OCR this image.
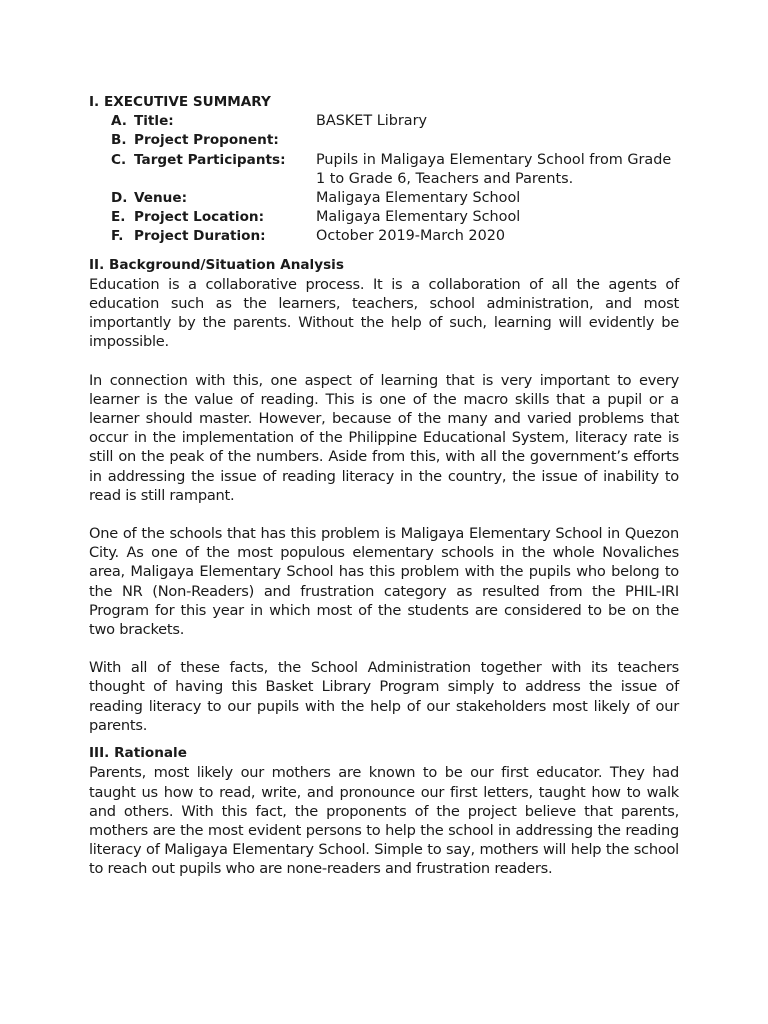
I. EXECUTIVE SUMMARY

A. Title:	BASKET Library
B. Project Proponent:
C. Target Participants:	Pupils in Maligaya Elementary School from Grade 1 to Grade 6, Teachers and Parents.
D. Venue:	Maligaya Elementary School
E. Project Location:	Maligaya Elementary School
F. Project Duration:	October 2019-March 2020

II. Background/Situation Analysis

Education is a collaborative process. It is a collaboration of all the agents of education such as the learners, teachers, school administration, and most importantly by the parents. Without the help of such, learning will evidently be impossible.

In connection with this, one aspect of learning that is very important to every learner is the value of reading. This is one of the macro skills that a pupil or a learner should master. However, because of the many and varied problems that occur in the implementation of the Philippine Educational System, literacy rate is still on the peak of the numbers. Aside from this, with all the government’s efforts in addressing the issue of reading literacy in the country, the issue of inability to read is still rampant.

One of the schools that has this problem is Maligaya Elementary School in Quezon City. As one of the most populous elementary schools in the whole Novaliches area, Maligaya Elementary School has this problem with the pupils who belong to the NR (Non-Readers) and frustration category as resulted from the PHIL-IRI Program for this year in which most of the students are considered to be on the two brackets.

With all of these facts, the School Administration together with its teachers thought of having this Basket Library Program simply to address the issue of reading literacy to our pupils with the help of our stakeholders most likely of our parents.

III. Rationale

Parents, most likely our mothers are known to be our first educator. They had taught us how to read, write, and pronounce our first letters, taught how to walk and others. With this fact, the proponents of the project believe that parents, mothers are the most evident persons to help the school in addressing the reading literacy of Maligaya Elementary School. Simple to say, mothers will help the school to reach out pupils who are none-readers and frustration readers.
